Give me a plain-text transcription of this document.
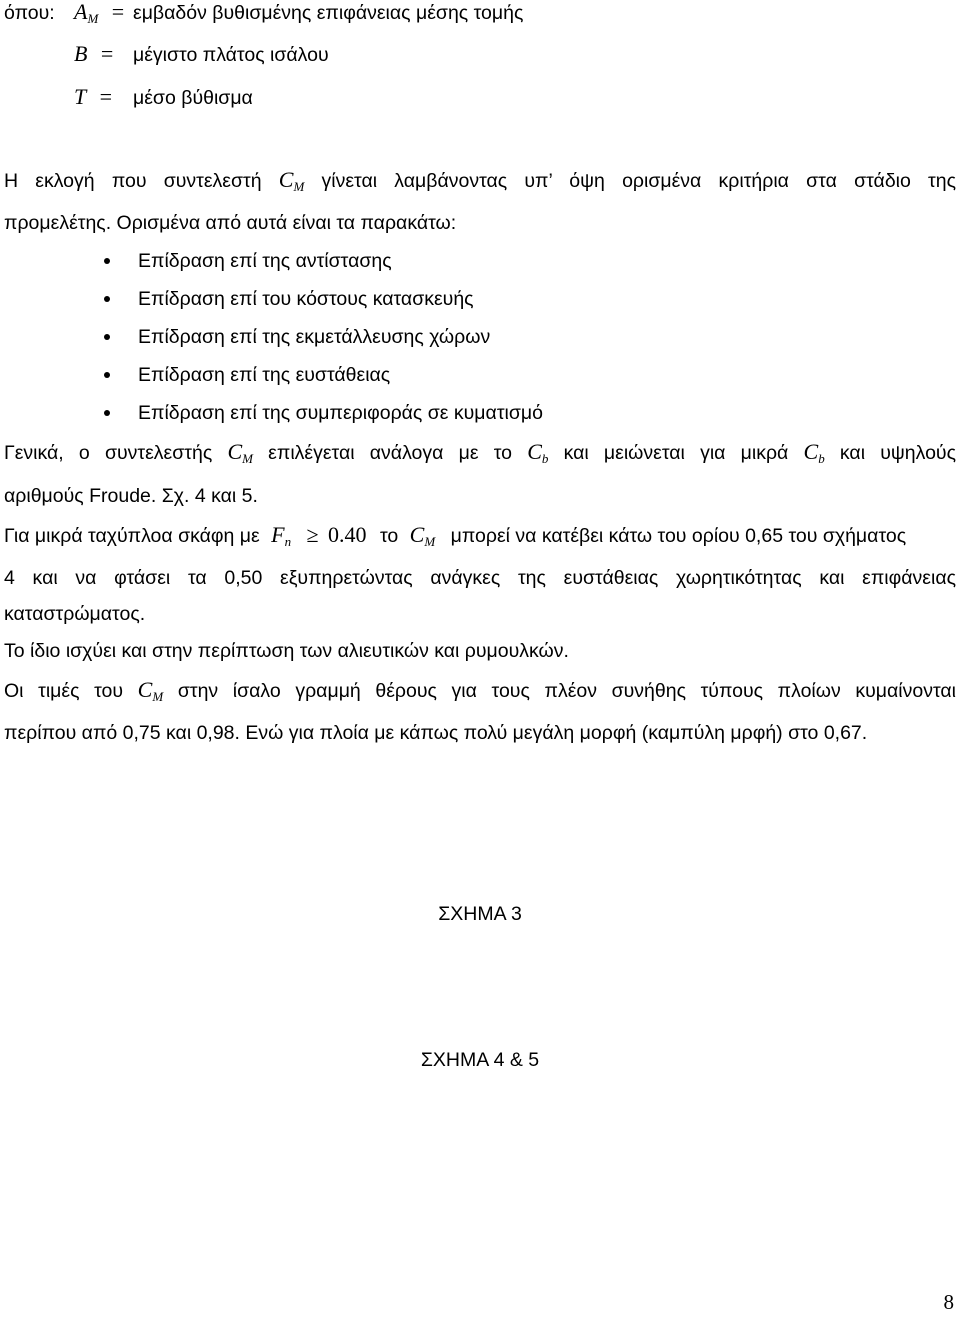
όπου: $A_M = \varepsilon\mu\beta\alpha\delta ό\nu$ βυθισμένης επιφάνειας μέσης τομής
B =	μέγιστο πλάτος ισάλου
T =	μέσο βύθισμα
Η εκλογή που συντελεστή $C_M$ γίνεται λαμβάνοντας υπ’ όψη ορισμένα κριτήρια στα στάδιο της
προμελέτης. Ορισμένα από αυτά είναι τα παρακάτω:
Επίδραση επί της αντίστασης
Επίδραση επί του κόστους κατασκευής
Επίδραση επί της εκμετάλλευσης χώρων
Επίδραση επί της ευστάθειας
Επίδραση επί της συμπεριφοράς σε κυματισμό
Γενικά, ο συντελεστής $C_M$ επιλέγεται ανάλογα με το $C_b$ και μειώνεται για μικρά $C_b$ και υψηλούς
αριθμούς Froude. Σχ. 4 και 5.
Για μικρά ταχύπλοα σκάφη με $F_n \ge 0.40$ το $C_M$ μπορεί να κατέβει κάτω του ορίου 0,65 του σχήματος
4 και να φτάσει τα 0,50 εξυπηρετώντας ανάγκες της ευστάθειας χωρητικότητας και επιφάνειας
καταστρώματος.
Το ίδιο ισχύει και στην περίπτωση των αλιευτικών και ρυμουλκών.
Οι τιμές του $C_M$ στην ίσαλο γραμμή θέρους για τους πλέον συνήθης τύπους πλοίων κυμαίνονται
περίπου από 0,75 και 0,98. Ενώ για πλοία με κάπως πολύ μεγάλη μορφή (καμπύλη μρφή) στο 0,67.
ΣΧΗΜΑ 3
ΣΧΗΜΑ 4 & 5
8
